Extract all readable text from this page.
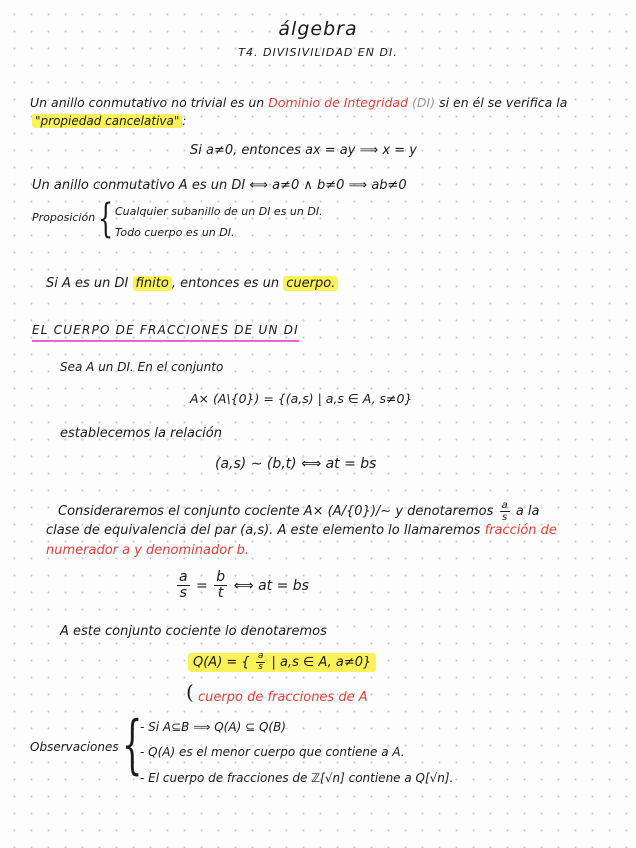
álgebra
T4. DIVISIVILIDAD EN DI.
Un anillo conmutativo no trivial es un Dominio de Integridad (DI) si en él se verifica la
"propiedad cancelativa" :
Si a≠0, entonces ax = ay ⟹ x = y
Un anillo conmutativo A es un DI ⟺ a≠0 ∧ b≠0 ⟹ ab≠0
Proposición { Cualquier subanillo de un DI es un DI.
Todo cuerpo es un DI.
Si A es un DI finito , entonces es un cuerpo.
EL CUERPO DE FRACCIONES DE UN DI
Sea A un DI. En el conjunto
A× (A\{0}) = {(a,s) | a,s ∈ A, s≠0}
establecemos la relación
(a,s) ∼ (b,t) ⟺ at = bs
Consideraremos el conjunto cociente A× (A/{0})/∼ y denotaremos $\frac{a}{s}$ a la
clase de equivalencia del par (a,s). A este elemento lo llamaremos fracción de
numerador a y denominador b.
$\frac{a}{s} = \frac{b}{t}$ ⟺ at = bs
A este conjunto cociente lo denotaremos
Q(A) = { $\frac{a}{s}$ | a,s ∈ A, a≠0}
( cuerpo de fracciones de A
Observaciones {
- Si A⊆B ⟹ Q(A) ⊆ Q(B)
- Q(A) es el menor cuerpo que contiene a A.
- El cuerpo de fracciones de ℤ[√n] contiene a Q[√n].
